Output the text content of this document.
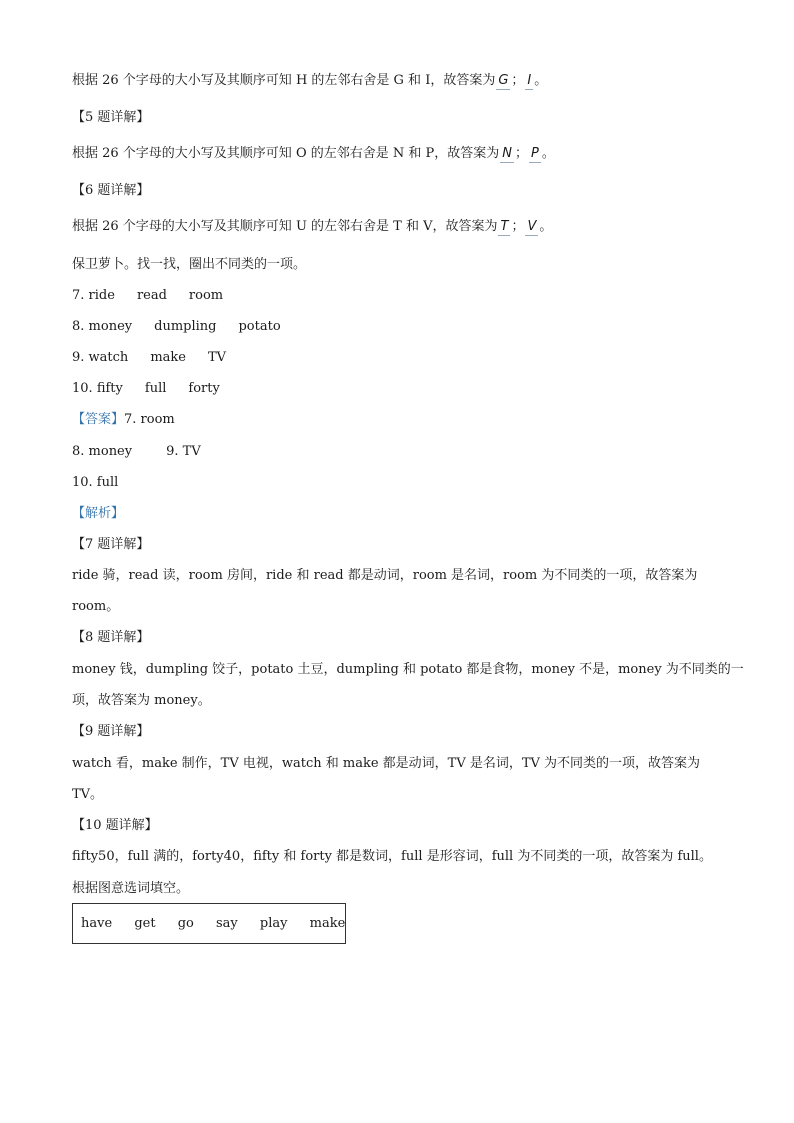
根据 26 个字母的大小写及其顺序可知 H 的左邻右舍是 G 和 I，故答案为 G ； I 。
【5 题详解】
根据 26 个字母的大小写及其顺序可知 O 的左邻右舍是 N 和 P，故答案为 N ； P 。
【6 题详解】
根据 26 个字母的大小写及其顺序可知 U 的左邻右舍是 T 和 V，故答案为 T ； V 。
保卫萝卜。找一找，圈出不同类的一项。
7. ride read room
8. money dumpling potato
9. watch make TV
10. fifty full forty
【答案】7. room
8. money	9. TV
10. full
【解析】
【7 题详解】
ride 骑，read 读，room 房间，ride 和 read 都是动词，room 是名词，room 为不同类的一项，故答案为
room。
【8 题详解】
money 钱，dumpling 饺子，potato 土豆，dumpling 和 potato 都是食物，money 不是，money 为不同类的一
项，故答案为 money。
【9 题详解】
watch 看，make 制作，TV 电视，watch 和 make 都是动词，TV 是名词，TV 为不同类的一项，故答案为
TV。
【10 题详解】
fifty50，full 满的，forty40，fifty 和 forty 都是数词，full 是形容词，full 为不同类的一项，故答案为 full。
根据图意选词填空。
have get go say play make
